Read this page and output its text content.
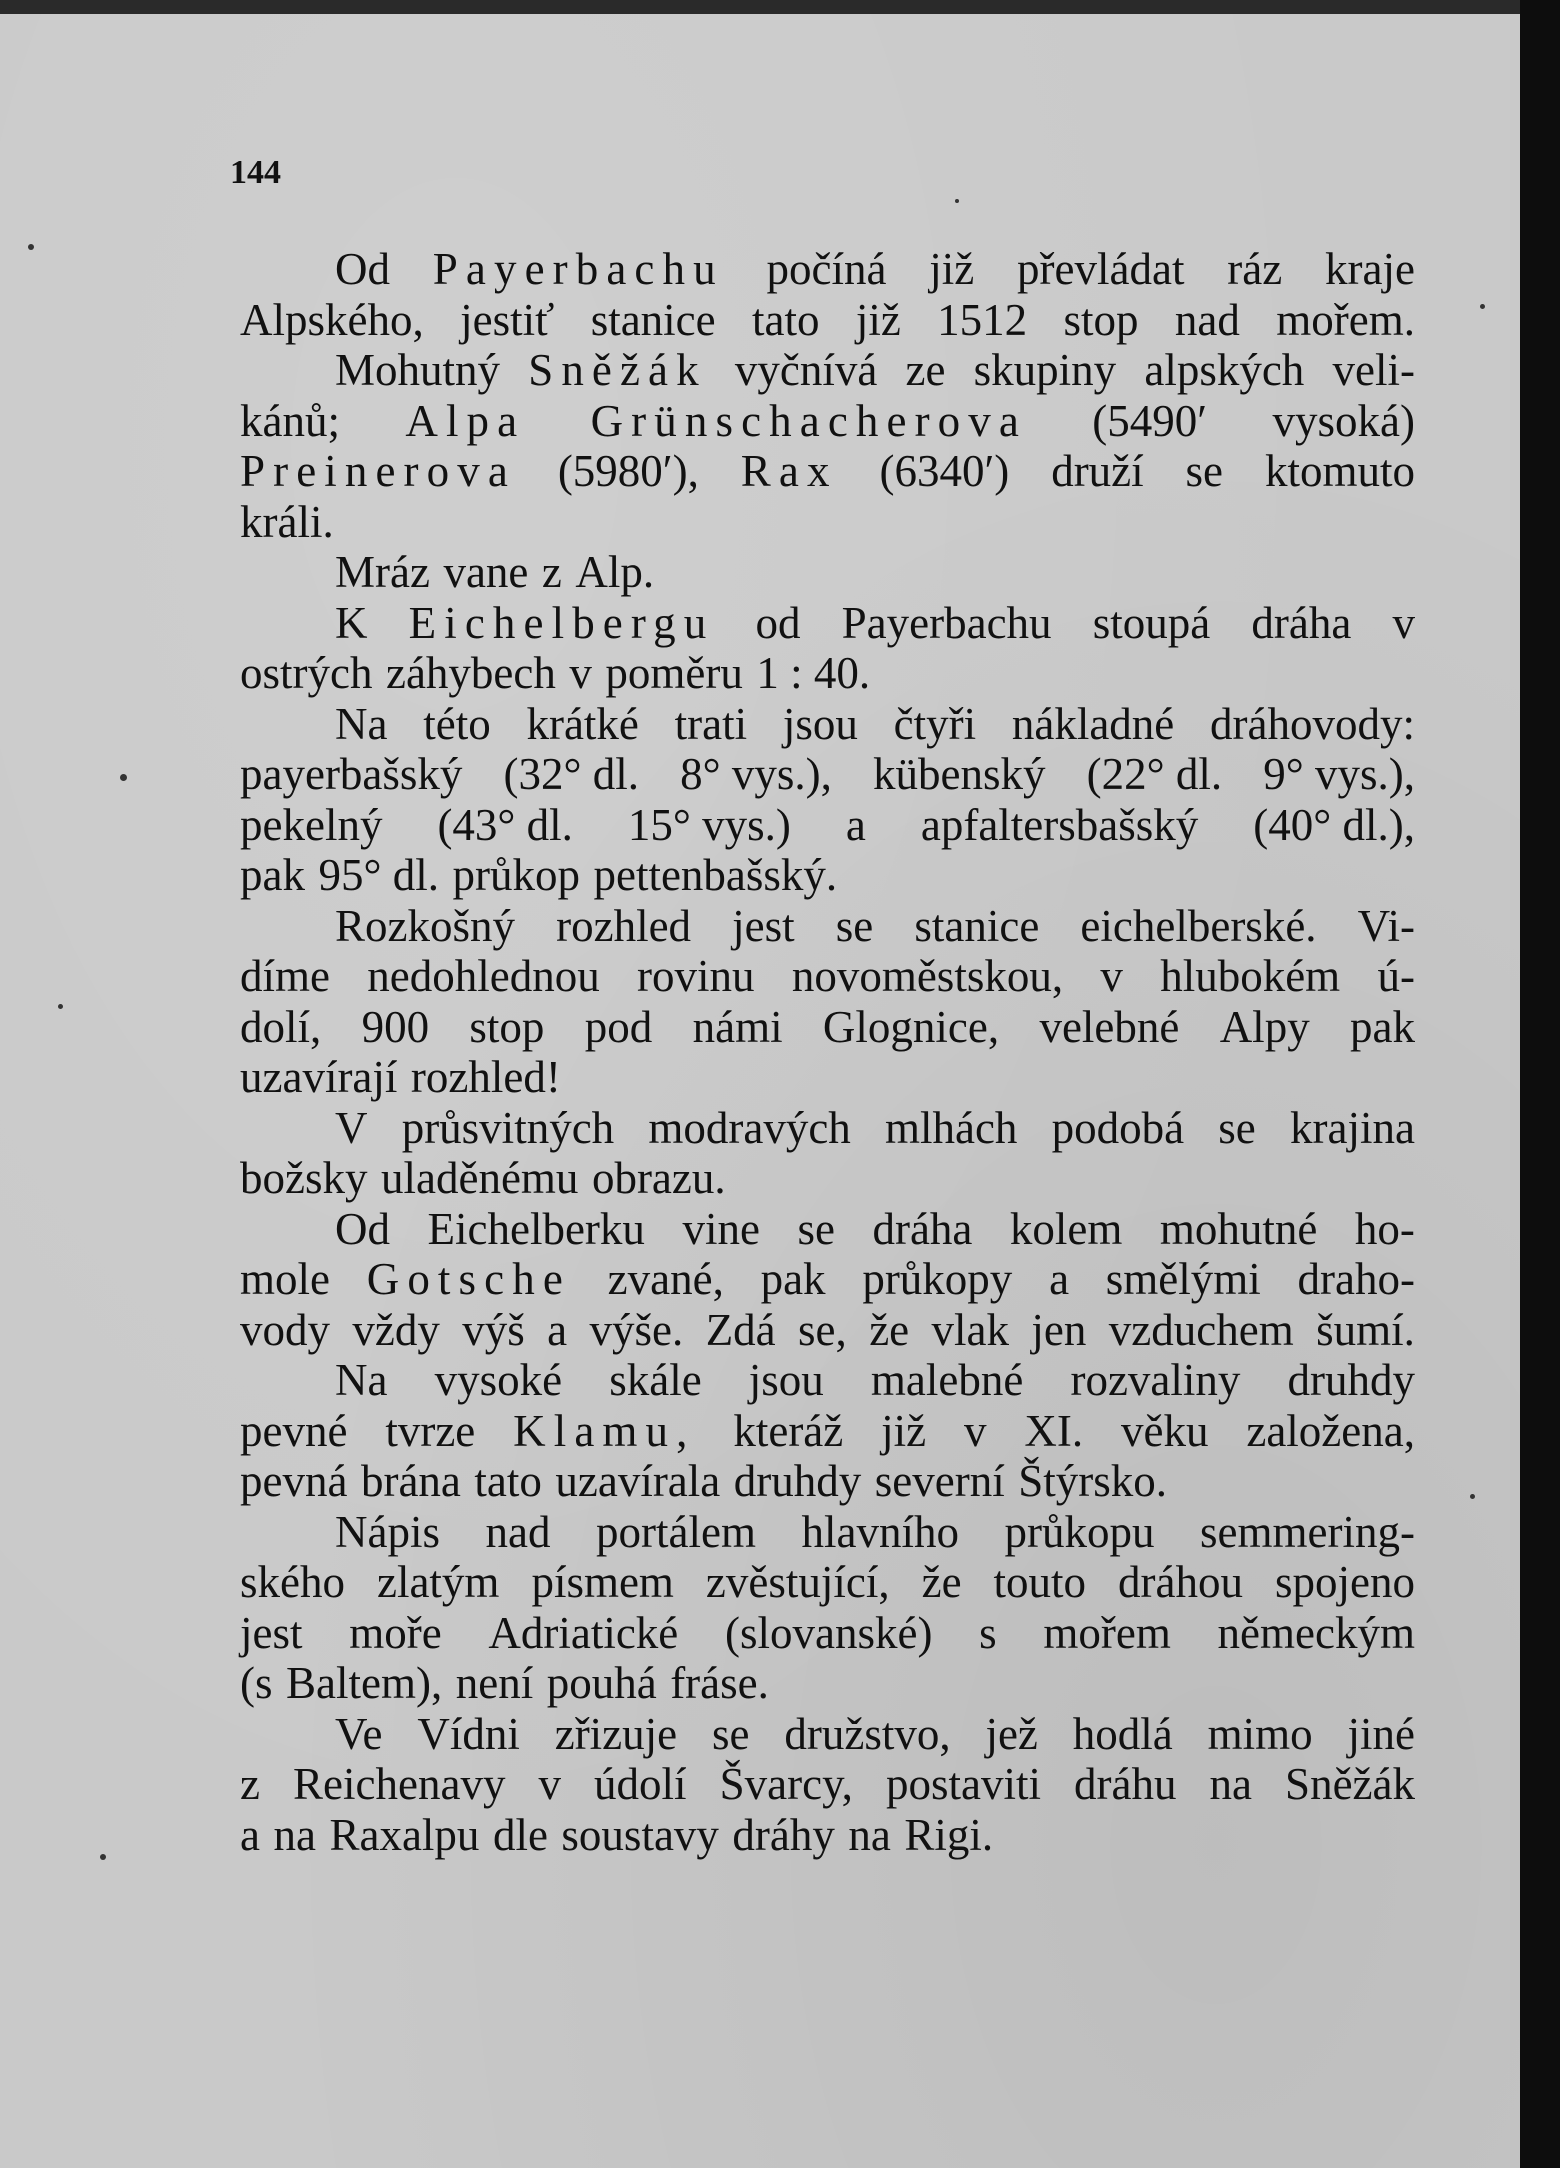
144
Od Payerbachu počíná již převládat ráz kraje
Alpského, jestiť stanice tato již 1512 stop nad mořem.
Mohutný Sněžák vyčnívá ze skupiny alpských veli-
kánů; Alpa Grünschacherova (5490′ vysoká)
Preinerova (5980′), Rax (6340′) druží se ktomuto
králi.
Mráz vane z Alp.
K Eichelbergu od Payerbachu stoupá dráha v
ostrých záhybech v poměru 1 : 40.
Na této krátké trati jsou čtyři nákladné dráhovody:
payerbašský (32° dl. 8° vys.), kübenský (22° dl. 9° vys.),
pekelný (43° dl. 15° vys.) a apfaltersbašský (40° dl.),
pak 95° dl. průkop pettenbašský.
Rozkošný rozhled jest se stanice eichelberské. Vi-
díme nedohlednou rovinu novoměstskou, v hlubokém ú-
dolí, 900 stop pod námi Glognice, velebné Alpy pak
uzavírají rozhled!
V průsvitných modravých mlhách podobá se krajina
božsky uladěnému obrazu.
Od Eichelberku vine se dráha kolem mohutné ho-
mole Gotsche zvané, pak průkopy a smělými draho-
vody vždy výš a výše. Zdá se, že vlak jen vzduchem šumí.
Na vysoké skále jsou malebné rozvaliny druhdy
pevné tvrze Klamu, kteráž již v XI. věku založena,
pevná brána tato uzavírala druhdy severní Štýrsko.
Nápis nad portálem hlavního průkopu semmering-
ského zlatým písmem zvěstující, že touto dráhou spojeno
jest moře Adriatické (slovanské) s mořem německým
(s Baltem), není pouhá fráse.
Ve Vídni zřizuje se družstvo, jež hodlá mimo jiné
z Reichenavy v údolí Švarcy, postaviti dráhu na Sněžák
a na Raxalpu dle soustavy dráhy na Rigi.
